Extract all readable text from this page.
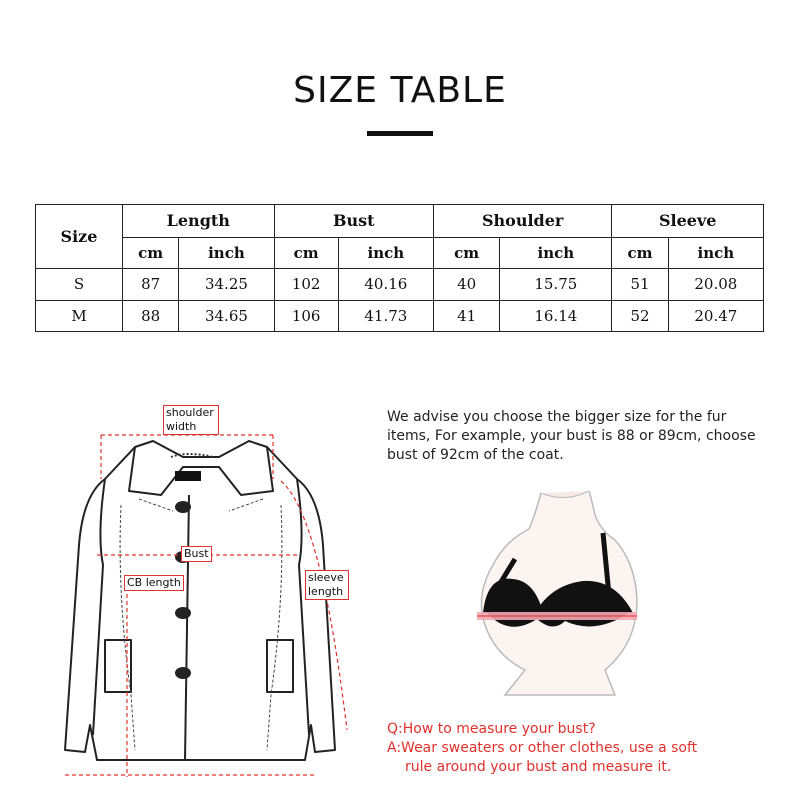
SIZE TABLE
Size	Length		Bust		Shoulder		Sleeve	
	cm	inch	cm	inch	cm	inch	cm	inch
S	87	34.25	102	40.16	40	15.75	51	20.08
M	88	34.65	106	41.73	41	16.14	52	20.47
shoulder width
Bust
CB length	sleeve length
We advise you choose the bigger size for the fur items, For example, your bust is 88 or 89cm, choose bust of 92cm of the coat.
Q:How to measure your bust?
A:Wear sweaters or other clothes, use a soft
rule around your bust and measure it.
